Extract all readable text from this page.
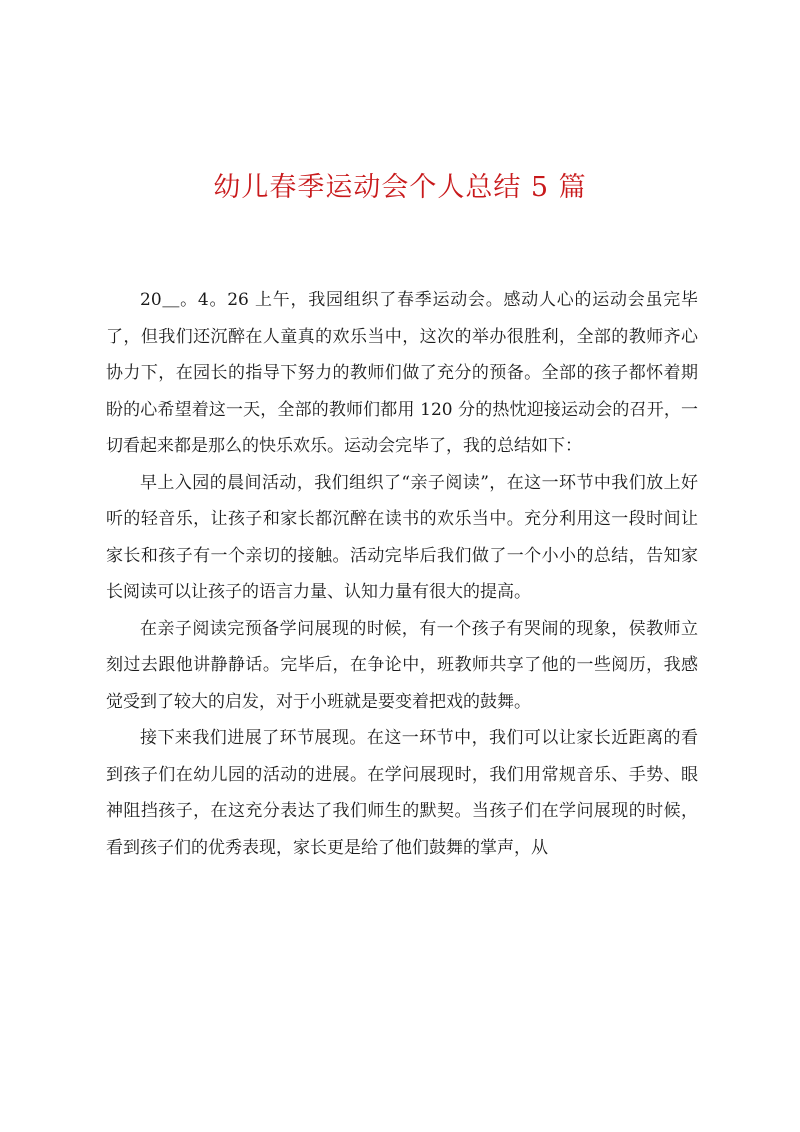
幼儿春季运动会个人总结 5 篇

20＿。4。26 上午，我园组织了春季运动会。感动人心的运动会虽完毕了，但我们还沉醉在人童真的欢乐当中，这次的举办很胜利，全部的教师齐心协力下，在园长的指导下努力的教师们做了充分的预备。全部的孩子都怀着期盼的心希望着这一天，全部的教师们都用 120 分的热忱迎接运动会的召开，一切看起来都是那么的快乐欢乐。运动会完毕了，我的总结如下：

早上入园的晨间活动，我们组织了“亲子阅读”，在这一环节中我们放上好听的轻音乐，让孩子和家长都沉醉在读书的欢乐当中。充分利用这一段时间让家长和孩子有一个亲切的接触。活动完毕后我们做了一个小小的总结，告知家长阅读可以让孩子的语言力量、认知力量有很大的提高。

在亲子阅读完预备学问展现的时候，有一个孩子有哭闹的现象，侯教师立刻过去跟他讲静静话。完毕后，在争论中，班教师共享了他的一些阅历，我感觉受到了较大的启发，对于小班就是要变着把戏的鼓舞。

接下来我们进展了环节展现。在这一环节中，我们可以让家长近距离的看到孩子们在幼儿园的活动的进展。在学问展现时，我们用常规音乐、手势、眼神阻挡孩子，在这充分表达了我们师生的默契。当孩子们在学问展现的时候，看到孩子们的优秀表现，家长更是给了他们鼓舞的掌声，从
